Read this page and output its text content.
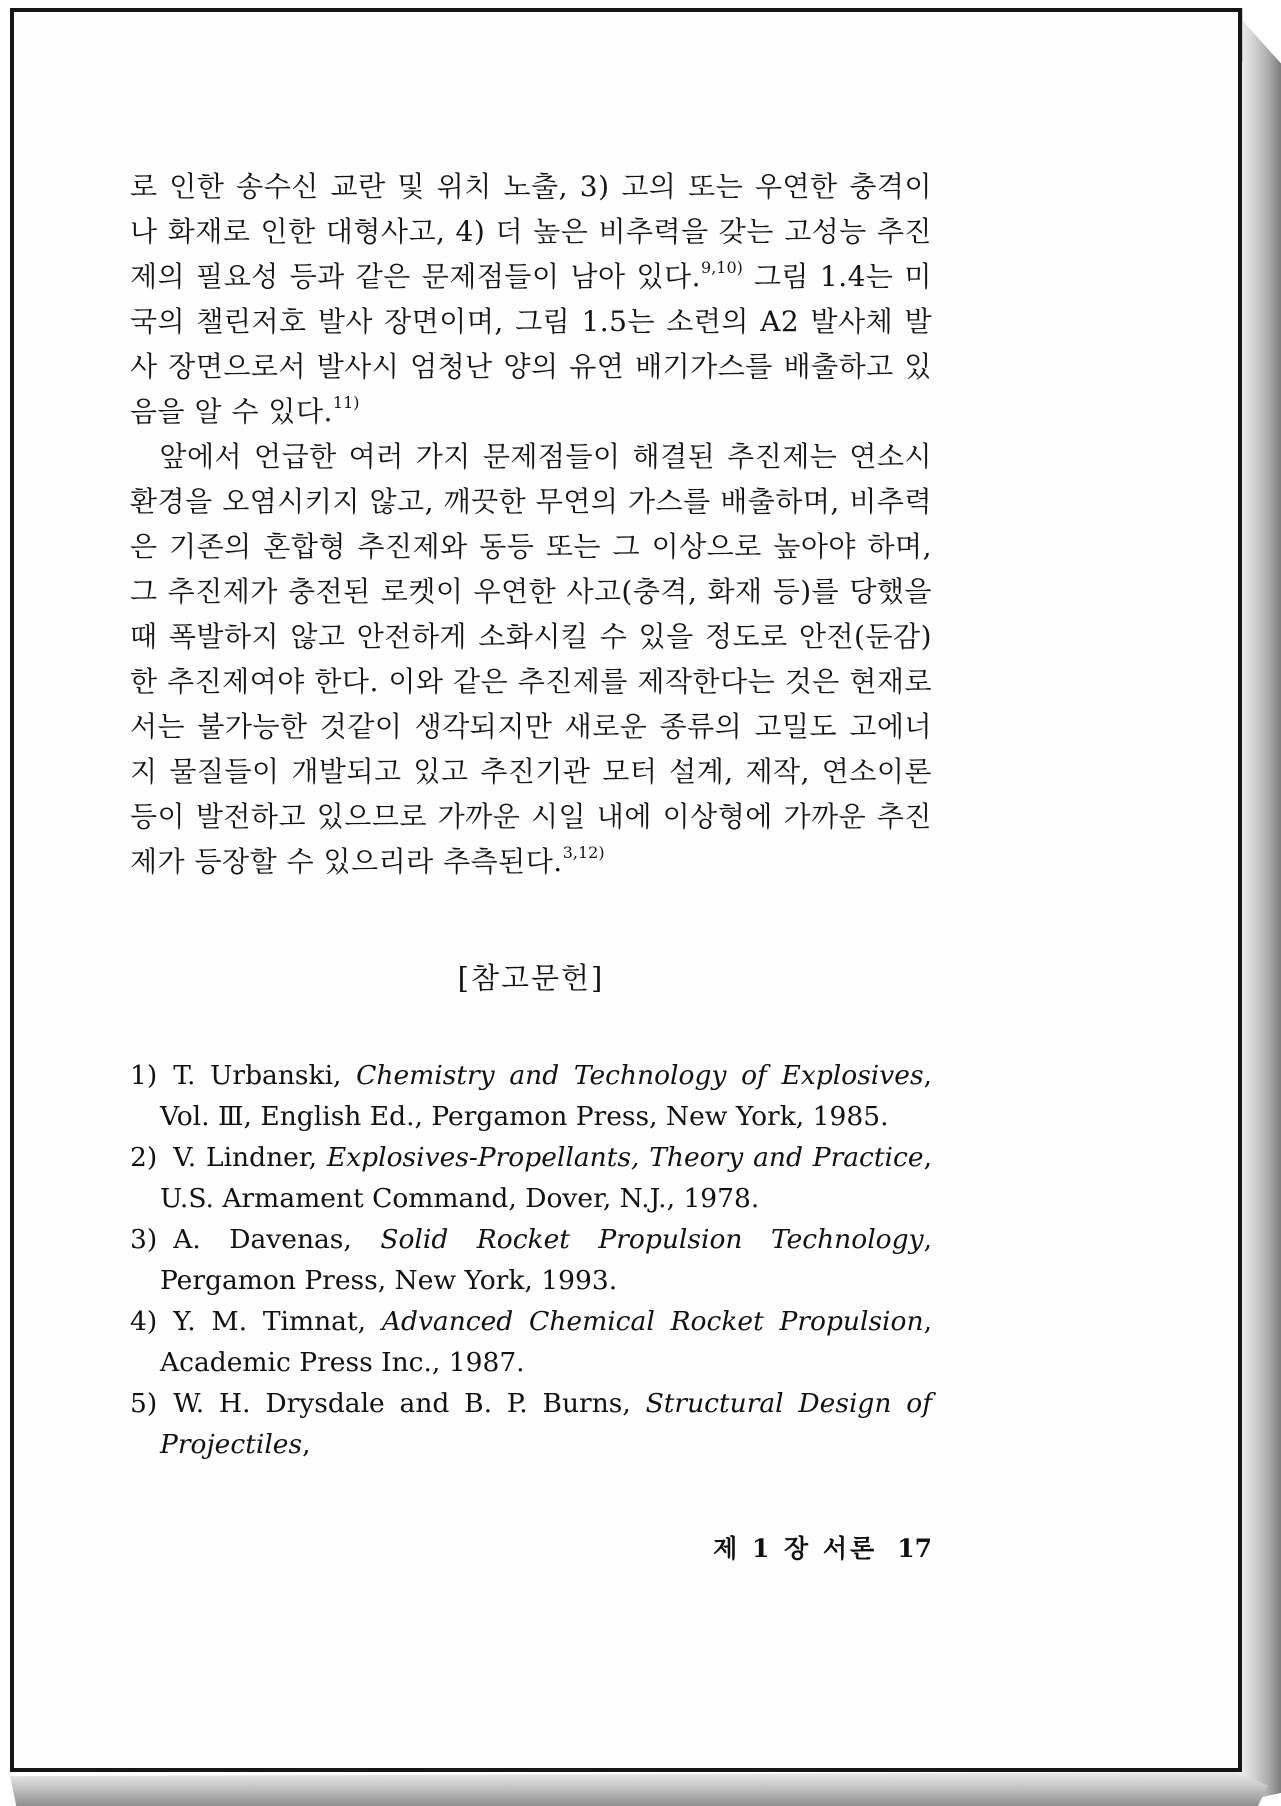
로 인한 송수신 교란 및 위치 노출, 3) 고의 또는 우연한 충격이나 화재로 인한 대형사고, 4) 더 높은 비추력을 갖는 고성능 추진제의 필요성 등과 같은 문제점들이 남아 있다.$^{9,10)}$ 그림 1.4는 미국의 챌린저호 발사 장면이며, 그림 1.5는 소련의 A2 발사체 발사 장면으로서 발사시 엄청난 양의 유연 배기가스를 배출하고 있음을 알 수 있다.$^{11)}$

앞에서 언급한 여러 가지 문제점들이 해결된 추진제는 연소시 환경을 오염시키지 않고, 깨끗한 무연의 가스를 배출하며, 비추력은 기존의 혼합형 추진제와 동등 또는 그 이상으로 높아야 하며, 그 추진제가 충전된 로켓이 우연한 사고(충격, 화재 등)를 당했을 때 폭발하지 않고 안전하게 소화시킬 수 있을 정도로 안전(둔감)한 추진제여야 한다. 이와 같은 추진제를 제작한다는 것은 현재로서는 불가능한 것같이 생각되지만 새로운 종류의 고밀도 고에너지 물질들이 개발되고 있고 추진기관 모터 설계, 제작, 연소이론 등이 발전하고 있으므로 가까운 시일 내에 이상형에 가까운 추진제가 등장할 수 있으리라 추측된다.$^{3,12)}$

[참고문헌]
1) T. Urbanski, Chemistry and Technology of Explosives, Vol. Ⅲ, English Ed., Pergamon Press, New York, 1985.
2) V. Lindner, Explosives-Propellants, Theory and Practice, U.S. Armament Command, Dover, N.J., 1978.
3) A. Davenas, Solid Rocket Propulsion Technology, Pergamon Press, New York, 1993.
4) Y. M. Timnat, Advanced Chemical Rocket Propulsion, Academic Press Inc., 1987.
5) W. H. Drysdale and B. P. Burns, Structural Design of Projectiles,
제 1 장 서론 17
